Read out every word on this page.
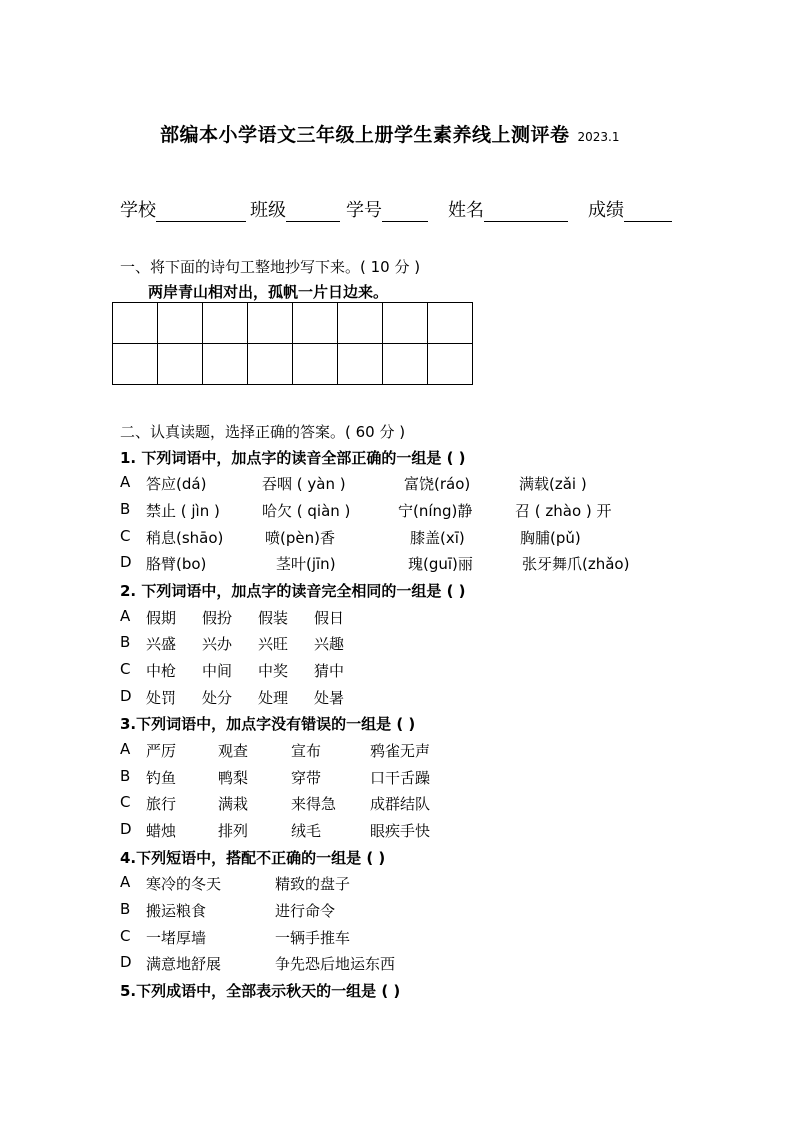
部编本小学语文三年级上册学生素养线上测评卷 2023.1
学校	班级	学号	姓名	成绩
一、将下面的诗句工整地抄写下来。( 10 分 )
两岸青山相对出，孤帆一片日边来。

二、认真读题，选择正确的答案。( 60 分 )
1. 下列词语中，加点字的读音全部正确的一组是 ( )
A 答应(dá)	吞咽 ( yàn )	富饶(ráo)	满载(zǎi )
B 禁止 ( jìn )	哈欠 ( qiàn )	宁(níng)静	召 ( zhào ) 开
C 稍息(shāo)	喷(pèn)香	膝盖(xī)	胸脯(pǔ)
D 胳臂(bo)	茎叶(jīn)	瑰(guī)丽	张牙舞爪(zhǎo)
2. 下列词语中，加点字的读音完全相同的一组是 ( )
A 假期 假扮 假装 假日
B 兴盛 兴办 兴旺 兴趣
C 中枪 中间 中奖 猜中
D 处罚 处分 处理 处暑
3.下列词语中，加点字没有错误的一组是 ( )
A 严厉	观查	宣布	鸦雀无声
B 钓鱼	鸭梨	穿带	口干舌躁
C 旅行	满栽	来得急 成群结队
D 蜡烛	排列	绒毛	眼疾手快
4.下列短语中，搭配不正确的一组是 ( )
A 寒冷的冬天	精致的盘子
B 搬运粮食	进行命令
C 一堵厚墙	一辆手推车
D 满意地舒展	争先恐后地运东西
5.下列成语中，全部表示秋天的一组是 ( )
